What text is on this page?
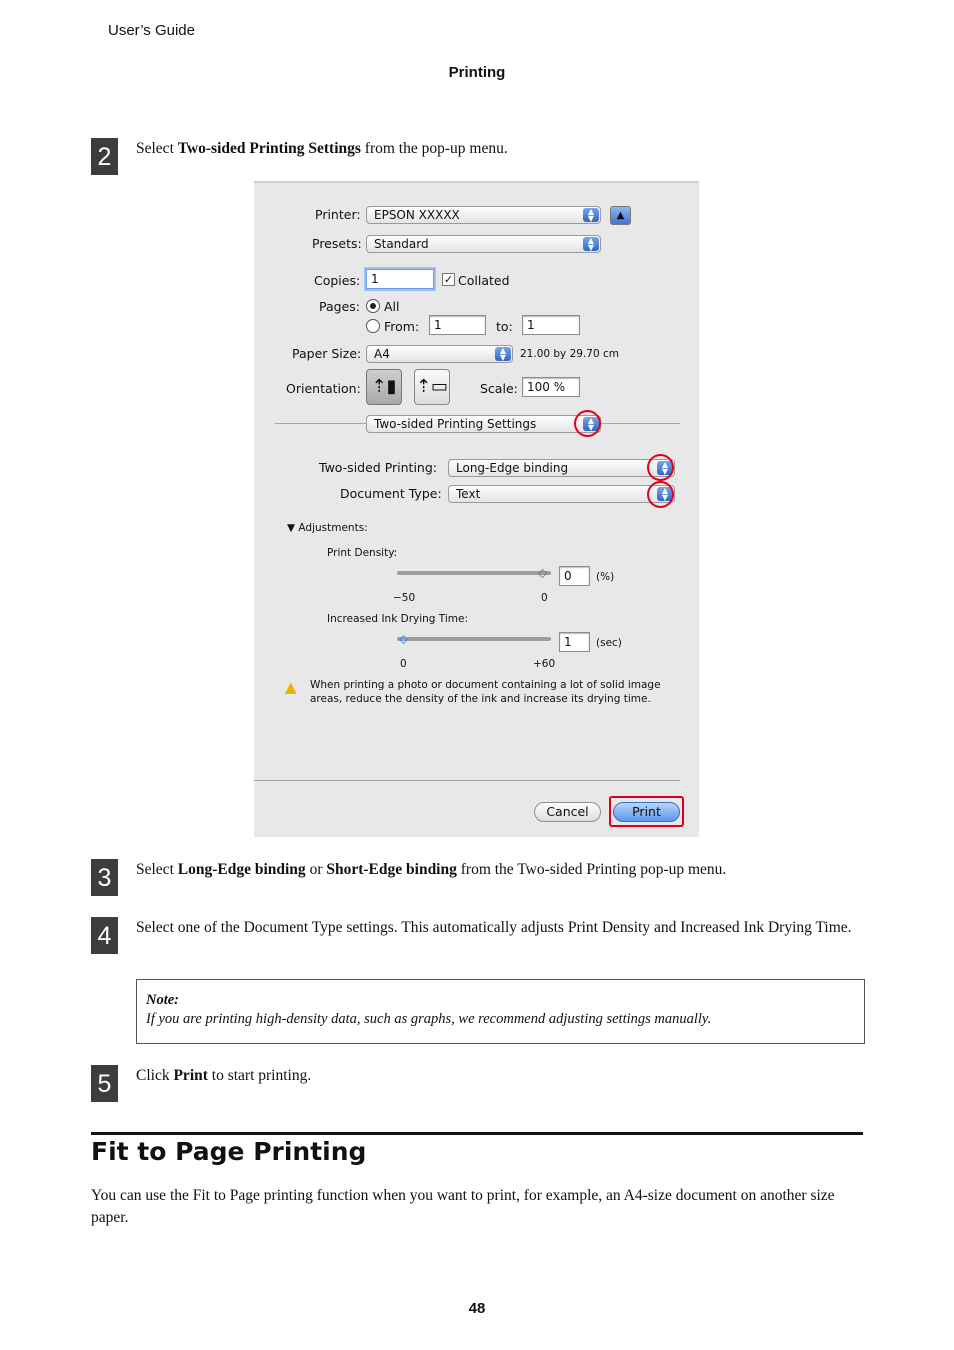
User’s Guide
Printing
2	Select Two-sided Printing Settings from the pop-up menu.
Printer:	EPSON XXXXX	▲
▼	▲
Presets:	Standard	▲
▼
Copies: 1	✓ Collated
Pages: All
From:	1	to:	1
Paper Size:	A4	▲
▼	21.00 by 29.70 cm
Orientation: ⇡▮	⇡▭	Scale: 100 %
Two-sided Printing Settings	▲
▼
Two-sided Printing:	Long-Edge binding	▲
▼
Document Type:	Text	▲
▼
▼ Adjustments:
Print Density:
⬦
−50	0
0	(%)
Increased Ink Drying Time:
⬦
0	+60
1	(sec)
▲ When printing a photo or document containing a lot of solid image
areas, reduce the density of the ink and increase its drying time.
Cancel	Print
3	Select Long-Edge binding or Short-Edge binding from the Two-sided Printing pop-up menu.
4	Select one of the Document Type settings. This automatically adjusts Print Density and Increased Ink Drying Time.
Note:
If you are printing high-density data, such as graphs, we recommend adjusting settings manually.
5	Click Print to start printing.
Fit to Page Printing
You can use the Fit to Page printing function when you want to print, for example, an A4-size document on another size paper.
48
